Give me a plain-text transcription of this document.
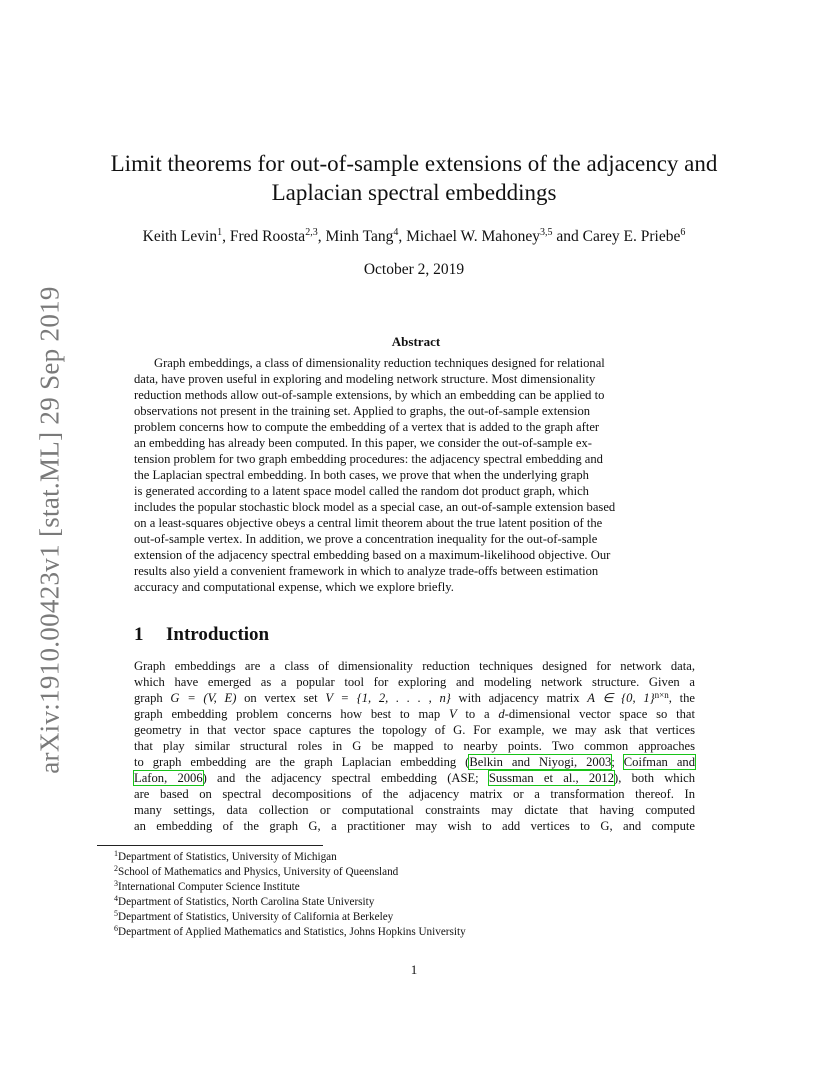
arXiv:1910.00423v1 [stat.ML] 29 Sep 2019
Limit theorems for out-of-sample extensions of the adjacency and
Laplacian spectral embeddings
Keith Levin$^1$, Fred Roosta$^{2,3}$, Minh Tang$^4$, Michael W. Mahoney$^{3,5}$ and Carey E. Priebe$^6$
October 2, 2019
Abstract
Graph embeddings, a class of dimensionality reduction techniques designed for relational
data, have proven useful in exploring and modeling network structure. Most dimensionality
reduction methods allow out-of-sample extensions, by which an embedding can be applied to
observations not present in the training set. Applied to graphs, the out-of-sample extension
problem concerns how to compute the embedding of a vertex that is added to the graph after
an embedding has already been computed. In this paper, we consider the out-of-sample ex-
tension problem for two graph embedding procedures: the adjacency spectral embedding and
the Laplacian spectral embedding. In both cases, we prove that when the underlying graph
is generated according to a latent space model called the random dot product graph, which
includes the popular stochastic block model as a special case, an out-of-sample extension based
on a least-squares objective obeys a central limit theorem about the true latent position of the
out-of-sample vertex. In addition, we prove a concentration inequality for the out-of-sample
extension of the adjacency spectral embedding based on a maximum-likelihood objective. Our
results also yield a convenient framework in which to analyze trade-offs between estimation
accuracy and computational expense, which we explore briefly.
1 Introduction
Graph embeddings are a class of dimensionality reduction techniques designed for network data,
which have emerged as a popular tool for exploring and modeling network structure. Given a
graph G = (V, E) on vertex set V = {1, 2, . . . , n} with adjacency matrix A ∈ {0, 1}$^{n\times n}$, the
graph embedding problem concerns how best to map V to a d-dimensional vector space so that
geometry in that vector space captures the topology of G. For example, we may ask that vertices
that play similar structural roles in G be mapped to nearby points. Two common approaches
to graph embedding are the graph Laplacian embedding (Belkin and Niyogi, 2003; Coifman and
Lafon, 2006) and the adjacency spectral embedding (ASE; Sussman et al., 2012), both which
are based on spectral decompositions of the adjacency matrix or a transformation thereof. In
many settings, data collection or computational constraints may dictate that having computed
an embedding of the graph G, a practitioner may wish to add vertices to G, and compute
$^1$Department of Statistics, University of Michigan
$^2$School of Mathematics and Physics, University of Queensland
$^3$International Computer Science Institute
$^4$Department of Statistics, North Carolina State University
$^5$Department of Statistics, University of California at Berkeley
$^6$Department of Applied Mathematics and Statistics, Johns Hopkins University
1
